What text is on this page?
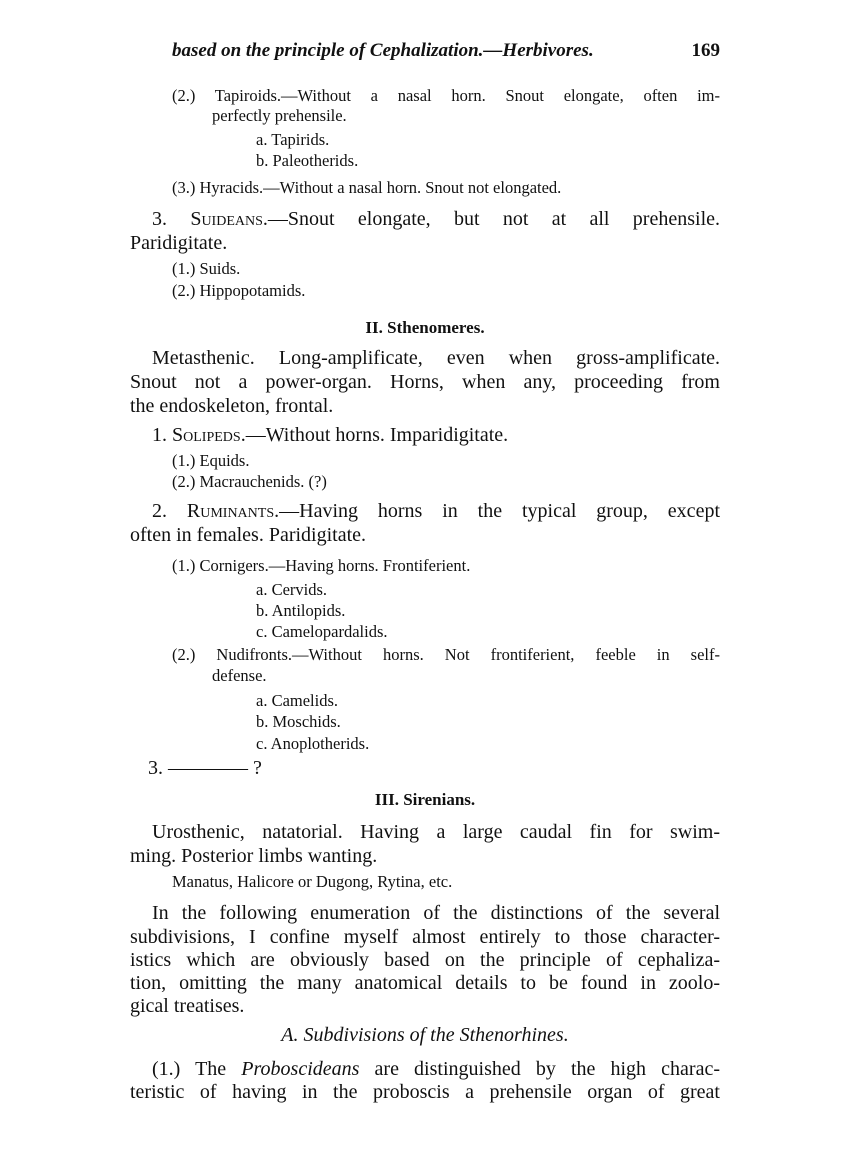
based on the principle of Cephalization.—Herbivores.	169
(2.) Tapiroids.—Without a nasal horn. Snout elongate, often im-
perfectly prehensile.
a. Tapirids.
b. Paleotherids.
(3.) Hyracids.—Without a nasal horn. Snout not elongated.
3. Suideans.—Snout elongate, but not at all prehensile.
Paridigitate.
(1.) Suids.
(2.) Hippopotamids.
II. Sthenomeres.
Metasthenic. Long-amplificate, even when gross-amplificate.
Snout not a power-organ. Horns, when any, proceeding from
the endoskeleton, frontal.
1. Solipeds.—Without horns. Imparidigitate.
(1.) Equids.
(2.) Macrauchenids. (?)
2. Ruminants.—Having horns in the typical group, except
often in females. Paridigitate.
(1.) Cornigers.—Having horns. Frontiferient.
a. Cervids.
b. Antilopids.
c. Camelopardalids.
(2.) Nudifronts.—Without horns. Not frontiferient, feeble in self-
defense.
a. Camelids.
b. Moschids.
c. Anoplotherids.
3. ———— ?
III. Sirenians.
Urosthenic, natatorial. Having a large caudal fin for swim-
ming. Posterior limbs wanting.
Manatus, Halicore or Dugong, Rytina, etc.
In the following enumeration of the distinctions of the several
subdivisions, I confine myself almost entirely to those character-
istics which are obviously based on the principle of cephaliza-
tion, omitting the many anatomical details to be found in zoolo-
gical treatises.
A. Subdivisions of the Sthenorhines.
(1.) The Proboscideans are distinguished by the high charac-
teristic of having in the proboscis a prehensile organ of great
